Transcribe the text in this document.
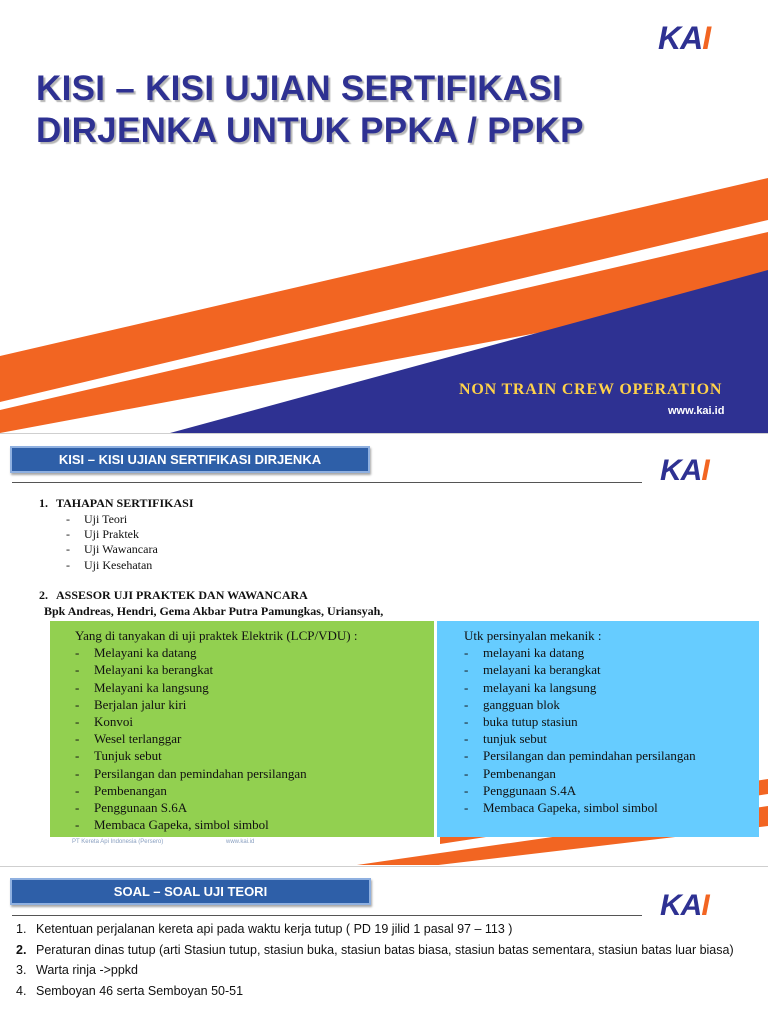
KAI
KISI – KISI UJIAN SERTIFIKASI
DIRJENKA UNTUK PPKA / PPKP
NON TRAIN CREW OPERATION
www.kai.id
KISI – KISI UJIAN SERTIFIKASI DIRJENKA	KAI
1. TAHAPAN SERTIFIKASI
- Uji Teori
- Uji Praktek
- Uji Wawancara
- Uji Kesehatan
2. ASSESOR UJI PRAKTEK DAN WAWANCARA
Bpk Andreas, Hendri, Gema Akbar Putra Pamungkas, Uriansyah,
Yang di tanyakan di uji praktek Elektrik (LCP/VDU) :
- Melayani ka datang
- Melayani ka berangkat
- Melayani ka langsung
- Berjalan jalur kiri
- Konvoi
- Wesel terlanggar
- Tunjuk sebut
- Persilangan dan pemindahan persilangan
- Pembenangan
- Penggunaan S.6A
- Membaca Gapeka, simbol simbol
Utk persinyalan mekanik :
- melayani ka datang
- melayani ka berangkat
- melayani ka langsung
- gangguan blok
- buka tutup stasiun
- tunjuk sebut
- Persilangan dan pemindahan persilangan
- Pembenangan
- Penggunaan S.4A
- Membaca Gapeka, simbol simbol
PT Kereta Api Indonesia (Persero)	www.kai.id
SOAL – SOAL UJI TEORI	KAI
1. Ketentuan perjalanan kereta api pada waktu kerja tutup ( PD 19 jilid 1 pasal 97 – 113 )
2. Peraturan dinas tutup (arti Stasiun tutup, stasiun buka, stasiun batas biasa, stasiun batas sementara, stasiun batas luar biasa)
3. Warta rinja ->ppkd
4. Semboyan 46 serta Semboyan 50-51
